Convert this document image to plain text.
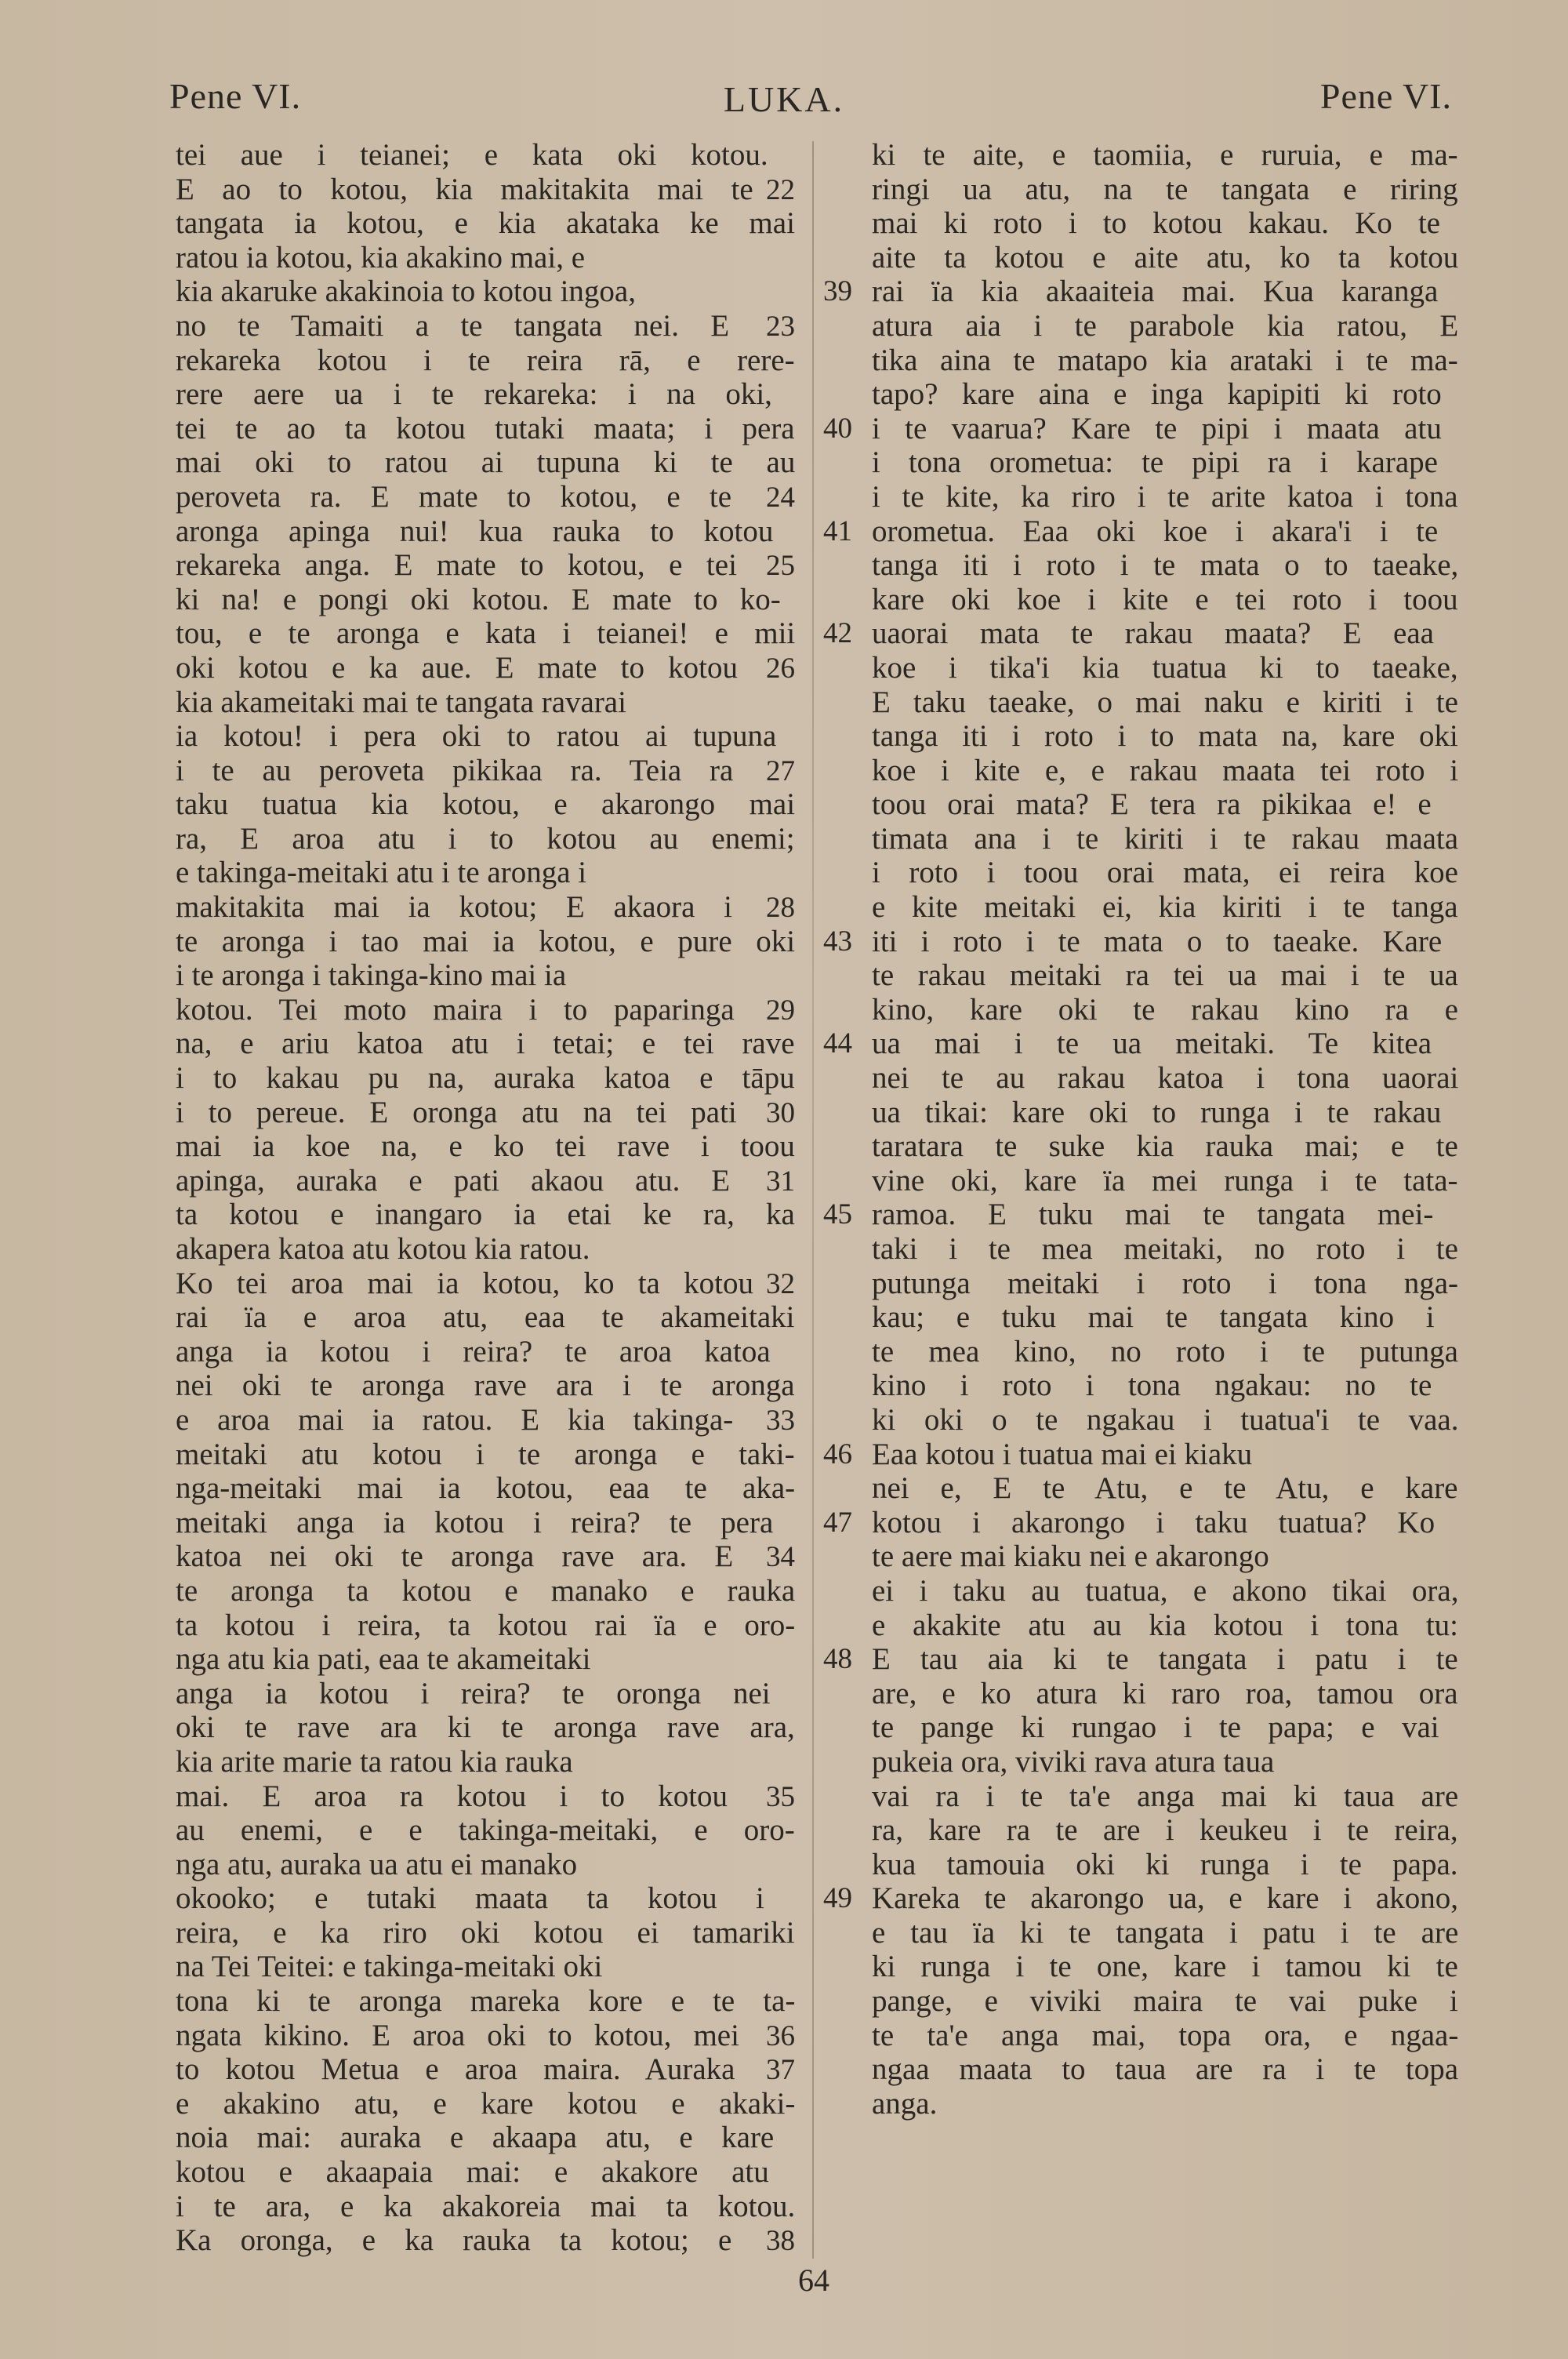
Pene VI.	LUKA.	Pene VI.
tei aue i teianei; e kata oki kotou.
E ao to kotou, kia makitakita mai te 22
tangata ia kotou, e kia akataka ke mai
ratou ia kotou, kia akakino mai, e
kia akaruke akakinoia to kotou ingoa,
no te Tamaiti a te tangata nei. E 23
rekareka kotou i te reira rā, e rere-
rere aere ua i te rekareka: i na oki,
tei te ao ta kotou tutaki maata; i pera
mai oki to ratou ai tupuna ki te au
peroveta ra. E mate to kotou, e te 24
aronga apinga nui! kua rauka to kotou
rekareka anga. E mate to kotou, e tei 25
ki na! e pongi oki kotou. E mate to ko-
tou, e te aronga e kata i teianei! e mii
oki kotou e ka aue. E mate to kotou 26
kia akameitaki mai te tangata ravarai
ia kotou! i pera oki to ratou ai tupuna
i te au peroveta pikikaa ra. Teia ra 27
taku tuatua kia kotou, e akarongo mai
ra, E aroa atu i to kotou au enemi;
e takinga-meitaki atu i te aronga i
makitakita mai ia kotou; E akaora i 28
te aronga i tao mai ia kotou, e pure oki
i te aronga i takinga-kino mai ia
kotou. Tei moto maira i to paparinga 29
na, e ariu katoa atu i tetai; e tei rave
i to kakau pu na, auraka katoa e tāpu
i to pereue. E oronga atu na tei pati 30
mai ia koe na, e ko tei rave i toou
apinga, auraka e pati akaou atu. E 31
ta kotou e inangaro ia etai ke ra, ka
akapera katoa atu kotou kia ratou.
Ko tei aroa mai ia kotou, ko ta kotou 32
rai ïa e aroa atu, eaa te akameitaki
anga ia kotou i reira? te aroa katoa
nei oki te aronga rave ara i te aronga
e aroa mai ia ratou. E kia takinga- 33
meitaki atu kotou i te aronga e taki-
nga-meitaki mai ia kotou, eaa te aka-
meitaki anga ia kotou i reira? te pera
katoa nei oki te aronga rave ara. E 34
te aronga ta kotou e manako e rauka
ta kotou i reira, ta kotou rai ïa e oro-
nga atu kia pati, eaa te akameitaki
anga ia kotou i reira? te oronga nei
oki te rave ara ki te aronga rave ara,
kia arite marie ta ratou kia rauka
mai. E aroa ra kotou i to kotou 35
au enemi, e e takinga-meitaki, e oro-
nga atu, auraka ua atu ei manako
okooko; e tutaki maata ta kotou i
reira, e ka riro oki kotou ei tamariki
na Tei Teitei: e takinga-meitaki oki
tona ki te aronga mareka kore e te ta-
ngata kikino. E aroa oki to kotou, mei 36
to kotou Metua e aroa maira. Auraka 37
e akakino atu, e kare kotou e akaki-
noia mai: auraka e akaapa atu, e kare
kotou e akaapaia mai: e akakore atu
i te ara, e ka akakoreia mai ta kotou.
Ka oronga, e ka rauka ta kotou; e 38
ki te aite, e taomiia, e ruruia, e ma-
ringi ua atu, na te tangata e riring
mai ki roto i to kotou kakau. Ko te
aite ta kotou e aite atu, ko ta kotou
39 rai ïa kia akaaiteia mai. Kua karanga
atura aia i te parabole kia ratou, E
tika aina te matapo kia arataki i te ma-
tapo? kare aina e inga kapipiti ki roto
40 i te vaarua? Kare te pipi i maata atu
i tona orometua: te pipi ra i karape
i te kite, ka riro i te arite katoa i tona
41 orometua. Eaa oki koe i akara'i i te
tanga iti i roto i te mata o to taeake,
kare oki koe i kite e tei roto i toou
42 uaorai mata te rakau maata? E eaa
koe i tika'i kia tuatua ki to taeake,
E taku taeake, o mai naku e kiriti i te
tanga iti i roto i to mata na, kare oki
koe i kite e, e rakau maata tei roto i
toou orai mata? E tera ra pikikaa e! e
timata ana i te kiriti i te rakau maata
i roto i toou orai mata, ei reira koe
e kite meitaki ei, kia kiriti i te tanga
43 iti i roto i te mata o to taeake. Kare
te rakau meitaki ra tei ua mai i te ua
kino, kare oki te rakau kino ra e
44 ua mai i te ua meitaki. Te kitea
nei te au rakau katoa i tona uaorai
ua tikai: kare oki to runga i te rakau
taratara te suke kia rauka mai; e te
vine oki, kare ïa mei runga i te tata-
45 ramoa. E tuku mai te tangata mei-
taki i te mea meitaki, no roto i te
putunga meitaki i roto i tona nga-
kau; e tuku mai te tangata kino i
te mea kino, no roto i te putunga
kino i roto i tona ngakau: no te
ki oki o te ngakau i tuatua'i te vaa.
46 Eaa kotou i tuatua mai ei kiaku
nei e, E te Atu, e te Atu, e kare
47 kotou i akarongo i taku tuatua? Ko
te aere mai kiaku nei e akarongo
ei i taku au tuatua, e akono tikai ora,
e akakite atu au kia kotou i tona tu:
48 E tau aia ki te tangata i patu i te
are, e ko atura ki raro roa, tamou ora
te pange ki rungao i te papa; e vai
pukeia ora, viviki rava atura taua
vai ra i te ta'e anga mai ki taua are
ra, kare ra te are i keukeu i te reira,
kua tamouia oki ki runga i te papa.
49 Kareka te akarongo ua, e kare i akono,
e tau ïa ki te tangata i patu i te are
ki runga i te one, kare i tamou ki te
pange, e viviki maira te vai puke i
te ta'e anga mai, topa ora, e ngaa-
ngaa maata to taua are ra i te topa
anga.
64
